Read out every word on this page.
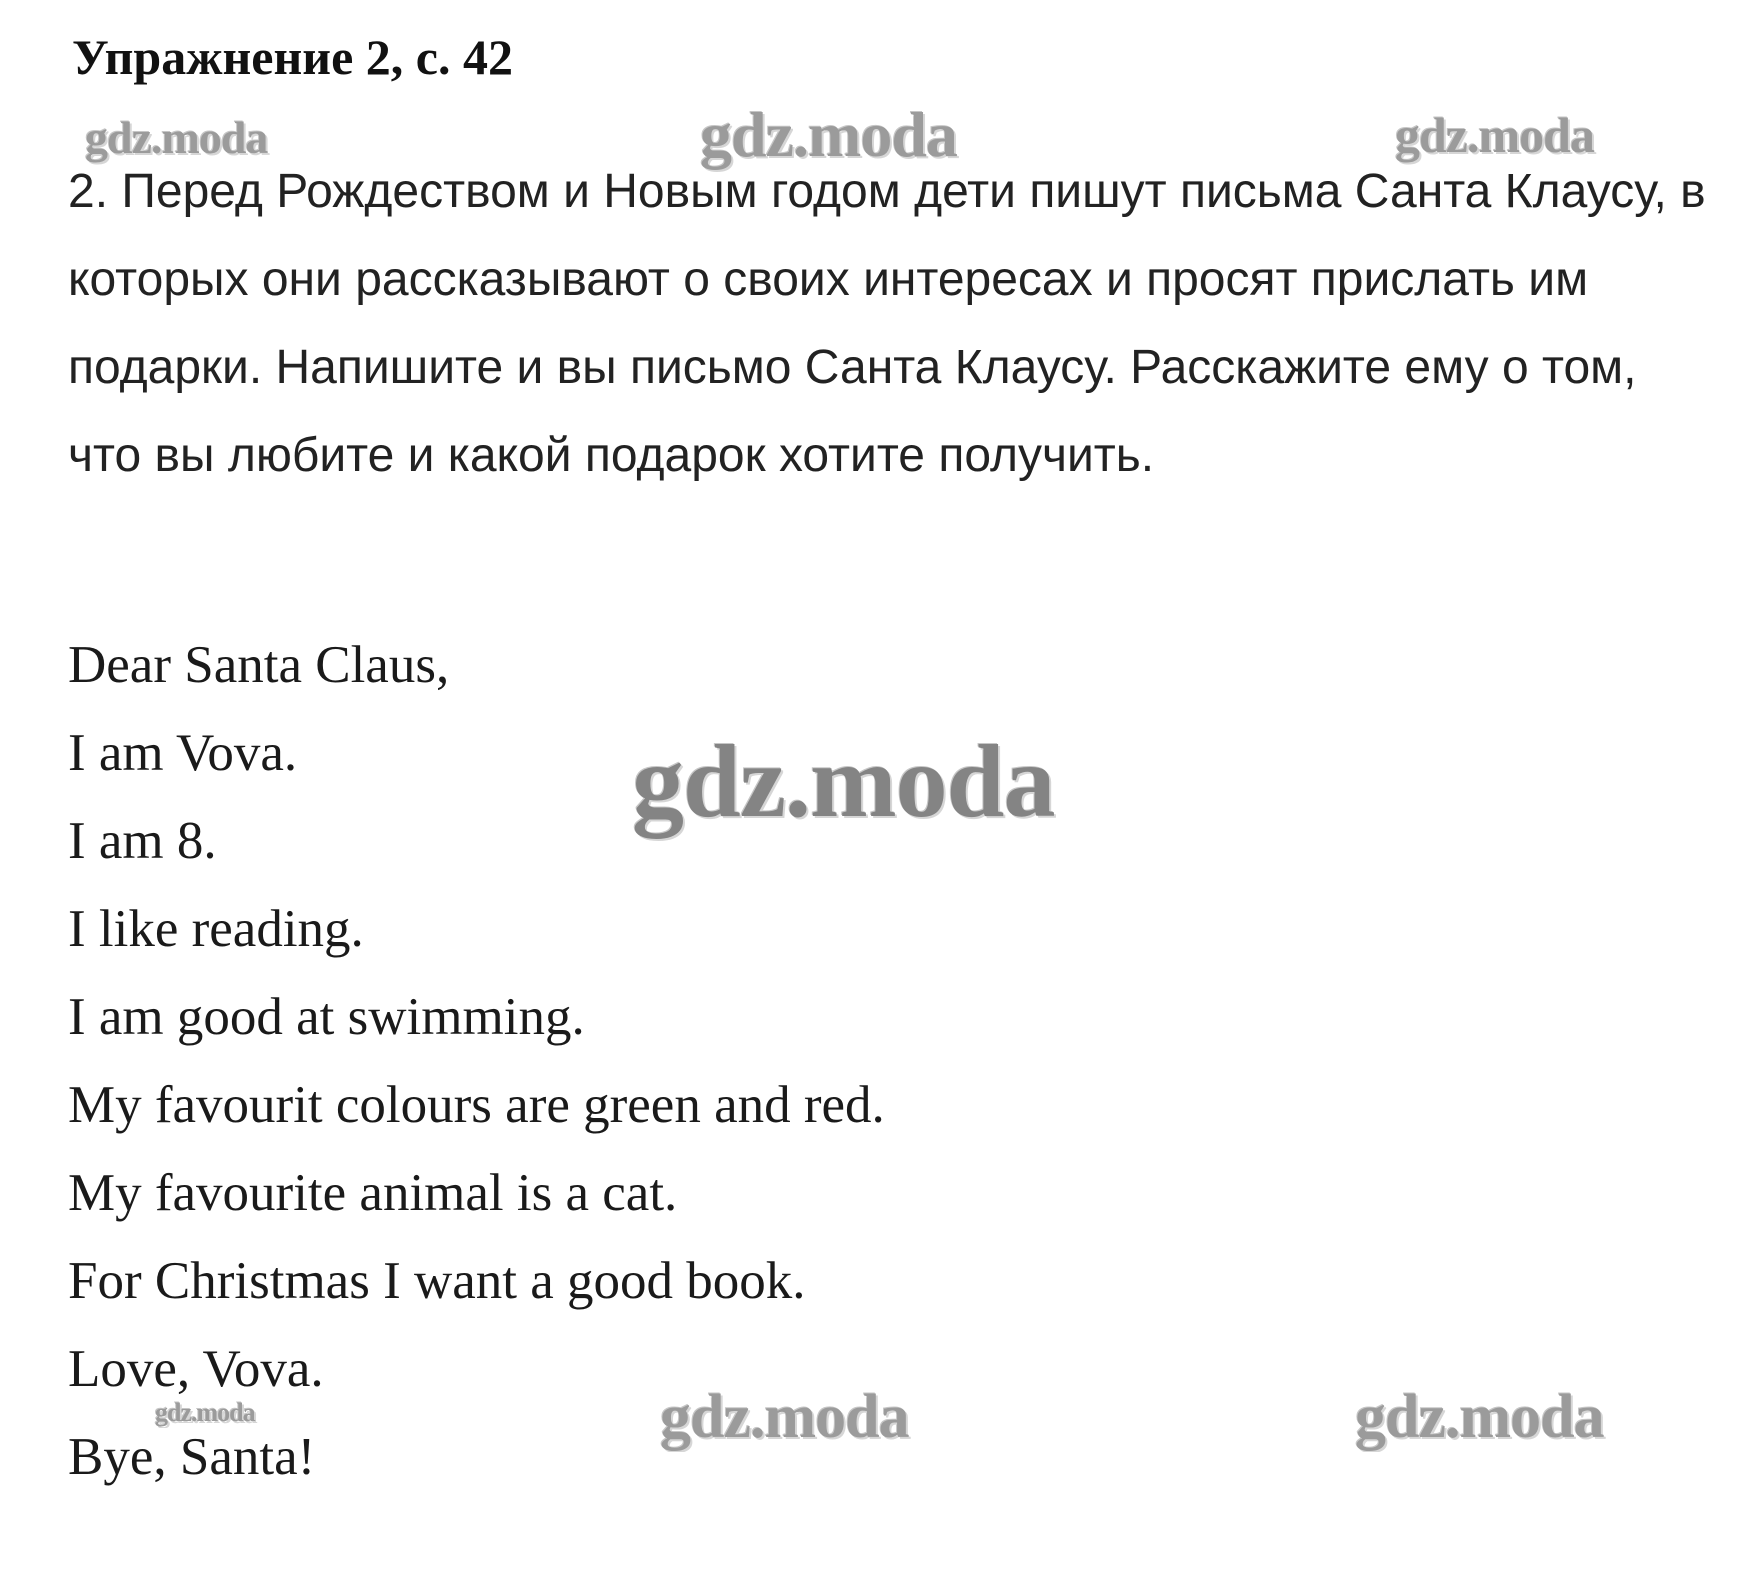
Упражнение 2, с. 42

2. Перед Рождеством и Новым годом дети пишут письма Санта Клаусу, в которых они рассказывают о своих интересах и просят прислать им подарки. Напишите и вы письмо Санта Клаусу. Расскажите ему о том, что вы любите и какой подарок хотите получить.

Dear Santa Claus,
I am Vova.
I am 8.
I like reading.
I am good at swimming.
My favourit colours are green and red.
My favourite animal is a cat.
For Christmas I want a good book.
Love, Vova.
Bye, Santa!
gdz.moda	gdz.moda	gdz.moda
gdz.moda
gdz.moda	gdz.moda	gdz.moda
